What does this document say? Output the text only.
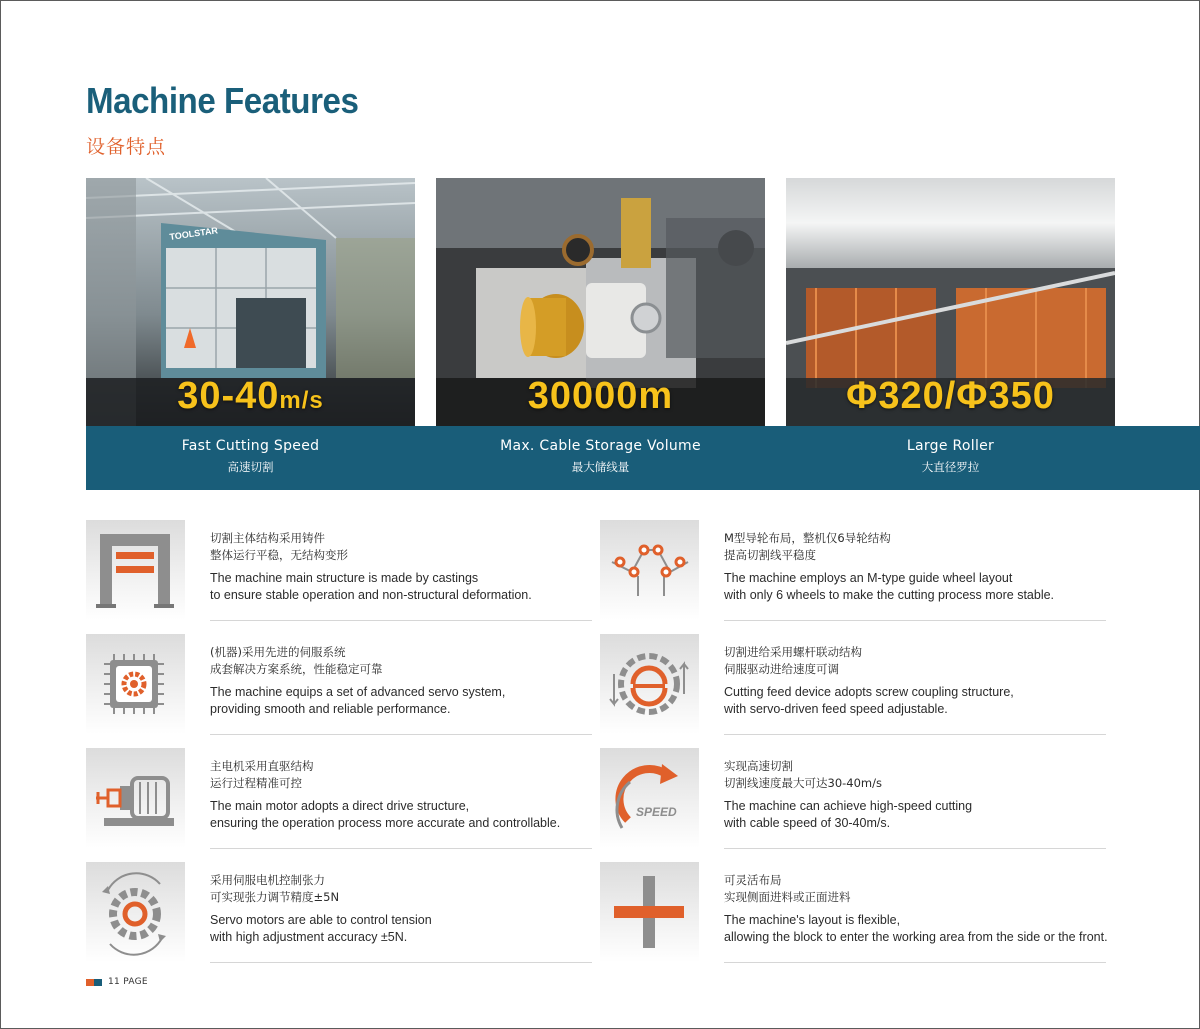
Machine Features
设备特点
TOOLSTAR
30-40m/s	30000m	Φ320/Φ350
Fast Cutting Speed
高速切割
Max. Cable Storage Volume
最大储线量
Large Roller
大直径罗拉
切割主体结构采用铸件
整体运行平稳，无结构变形
The machine main structure is made by castings
to ensure stable operation and non-structural deformation.
M型导轮布局，整机仅6导轮结构
提高切割线平稳度
The machine employs an M-type guide wheel layout
with only 6 wheels to make the cutting process more stable.
(机器)采用先进的伺服系统
成套解决方案系统，性能稳定可靠
The machine equips a set of advanced servo system,
providing smooth and reliable performance.
切割进给采用螺杆联动结构
伺服驱动进给速度可调
Cutting feed device adopts screw coupling structure,
with servo-driven feed speed adjustable.
主电机采用直驱结构
运行过程精准可控
The main motor adopts a direct drive structure,
ensuring the operation process more accurate and controllable.
SPEED
实现高速切割
切割线速度最大可达30-40m/s
The machine can achieve high-speed cutting
with cable speed of 30-40m/s.
采用伺服电机控制张力
可实现张力调节精度±5N
Servo motors are able to control tension
with high adjustment accuracy ±5N.
可灵活布局
实现侧面进料或正面进料
The machine's layout is flexible,
allowing the block to enter the working area from the side or the front.
11 PAGE
